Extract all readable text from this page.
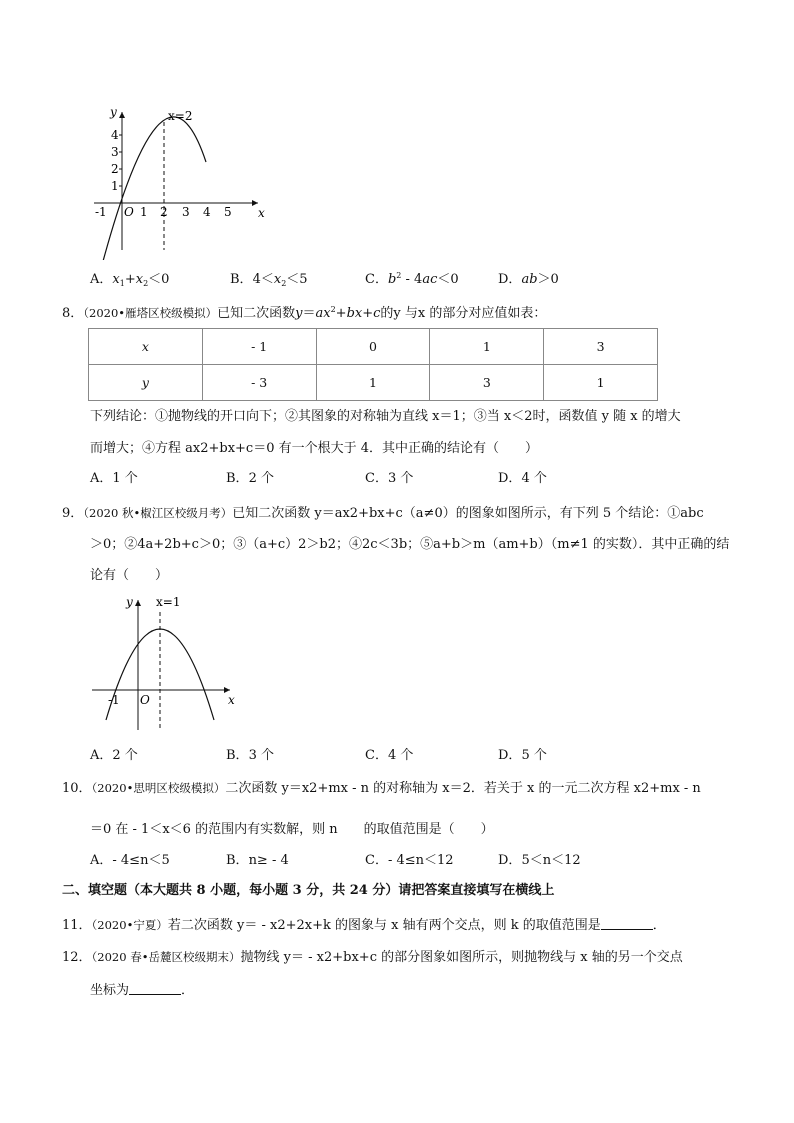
y
x
x=2
4
3
2
1
O
-1	1 2 3 4 5
A．$x_1+x_2<0$	B．$4<x_2<5$	C．$b^2 - 4ac<0$	D．ab＞0
8．（2020•雁塔区校级模拟）已知二次函数$y=ax^2+bx+c$的y 与x 的部分对应值如表：
x	- 1	0	1	3
y	- 3	1	3	1
下列结论：①抛物线的开口向下；②其图象的对称轴为直线 x＝1；③当 x＜2时，函数值 y 随 x 的增大
而增大；④方程 ax2+bx+c＝0 有一个根大于 4．其中正确的结论有（　　）
A．1 个	B．2 个	C．3 个	D．4 个
9．（2020 秋•椒江区校级月考）已知二次函数 y＝ax2+bx+c（a≠0）的图象如图所示，有下列 5 个结论：①abc
＞0；②4a+2b+c＞0；③（a+c）2＞b2；④2c＜3b；⑤a+b＞m（am+b）（m≠1 的实数）．其中正确的结
论有（　　）
y
x
x=1
O
-1
A．2 个	B．3 个	C．4 个	D．5 个
10．（2020•思明区校级模拟）二次函数 y＝x2+mx - n 的对称轴为 x＝2．若关于 x 的一元二次方程 x2+mx - n
＝0 在 - 1＜x＜6 的范围内有实数解，则 n　　的取值范围是（　　）
A．- 4≤n＜5	B．n≥ - 4	C．- 4≤n＜12	D．5＜n＜12
二、填空题（本大题共 8 小题，每小题 3 分，共 24 分）请把答案直接填写在横线上
11．（2020•宁夏）若二次函数 y＝ - x2+2x+k 的图象与 x 轴有两个交点，则 k 的取值范围是	．
12．（2020 春•岳麓区校级期末）抛物线 y＝ - x2+bx+c 的部分图象如图所示，则抛物线与 x 轴的另一个交点
坐标为	．
